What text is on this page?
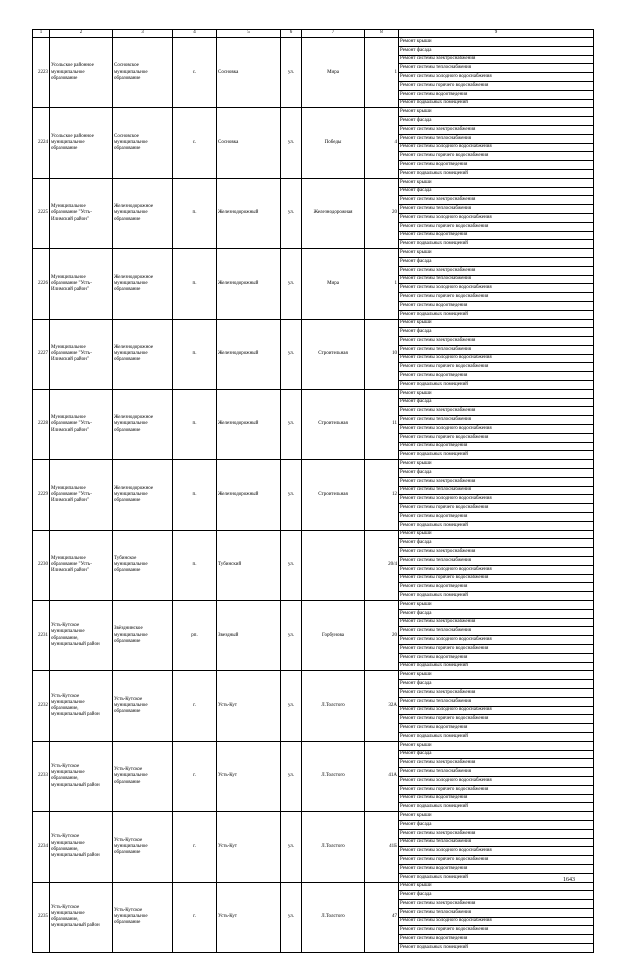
1	2	3	4	5	6	7	8	9
2223	Усольское районное муниципальное образование	Сосновское муниципальное образование	с.	Сосновка	ул.	Мира	1	Ремонт крыши
								Ремонт фасада
								Ремонт системы электроснабжения
								Ремонт системы теплоснабжения
								Ремонт системы холодного водоснабжения
								Ремонт системы горячего водоснабжения
								Ремонт системы водоотведения
								Ремонт подвальных помещений
2224	Усольское районное муниципальное образование	Сосновское муниципальное образование	с.	Сосновка	ул.	Победы	4	Ремонт крыши
								Ремонт фасада
								Ремонт системы электроснабжения
								Ремонт системы теплоснабжения
								Ремонт системы холодного водоснабжения
								Ремонт системы горячего водоснабжения
								Ремонт системы водоотведения
								Ремонт подвальных помещений
2225	Муниципальное образование "Усть-Илимский район"	Железнодорожное муниципальное образование	п.	Железнодорожный	ул.	Железнодорожная	20	Ремонт крыши
								Ремонт фасада
								Ремонт системы электроснабжения
								Ремонт системы теплоснабжения
								Ремонт системы холодного водоснабжения
								Ремонт системы горячего водоснабжения
								Ремонт системы водоотведения
								Ремонт подвальных помещений
2226	Муниципальное образование "Усть-Илимский район"	Железнодорожное муниципальное образование	п.	Железнодорожный	ул.	Мира	1	Ремонт крыши
								Ремонт фасада
								Ремонт системы электроснабжения
								Ремонт системы теплоснабжения
								Ремонт системы холодного водоснабжения
								Ремонт системы горячего водоснабжения
								Ремонт системы водоотведения
								Ремонт подвальных помещений
2227	Муниципальное образование "Усть-Илимский район"	Железнодорожное муниципальное образование	п.	Железнодорожный	ул.	Строительная	10	Ремонт крыши
								Ремонт фасада
								Ремонт системы электроснабжения
								Ремонт системы теплоснабжения
								Ремонт системы холодного водоснабжения
								Ремонт системы горячего водоснабжения
								Ремонт системы водоотведения
								Ремонт подвальных помещений
2228	Муниципальное образование "Усть-Илимский район"	Железнодорожное муниципальное образование	п.	Железнодорожный	ул.	Строительная	11	Ремонт крыши
								Ремонт фасада
								Ремонт системы электроснабжения
								Ремонт системы теплоснабжения
								Ремонт системы холодного водоснабжения
								Ремонт системы горячего водоснабжения
								Ремонт системы водоотведения
								Ремонт подвальных помещений
2229	Муниципальное образование "Усть-Илимский район"	Железнодорожное муниципальное образование	п.	Железнодорожный	ул.	Строительная	12	Ремонт крыши
								Ремонт фасада
								Ремонт системы электроснабжения
								Ремонт системы теплоснабжения
								Ремонт системы холодного водоснабжения
								Ремонт системы горячего водоснабжения
								Ремонт системы водоотведения
								Ремонт подвальных помещений
2230	Муниципальное образование "Усть-Илимский район"	Тубинское муниципальное образование	п.	Тубинский	ул.		20/4	Ремонт крыши
								Ремонт фасада
								Ремонт системы электроснабжения
								Ремонт системы теплоснабжения
								Ремонт системы холодного водоснабжения
								Ремонт системы горячего водоснабжения
								Ремонт системы водоотведения
								Ремонт подвальных помещений
2231	Усть-Кутское муниципальное образование, муниципальный район	Звёзднинское муниципальное образование	рп.	Звездный	ул.	Горбунова	20	Ремонт крыши
								Ремонт фасада
								Ремонт системы электроснабжения
								Ремонт системы теплоснабжения
								Ремонт системы холодного водоснабжения
								Ремонт системы горячего водоснабжения
								Ремонт системы водоотведения
								Ремонт подвальных помещений
2232	Усть-Кутское муниципальное образование, муниципальный район	Усть-Кутское муниципальное образование	г.	Усть-Кут	ул.	Л.Толстого	32А	Ремонт крыши
								Ремонт фасада
								Ремонт системы электроснабжения
								Ремонт системы теплоснабжения
								Ремонт системы холодного водоснабжения
								Ремонт системы горячего водоснабжения
								Ремонт системы водоотведения
								Ремонт подвальных помещений
2233	Усть-Кутское муниципальное образование, муниципальный район	Усть-Кутское муниципальное образование	г.	Усть-Кут	ул.	Л.Толстого	41А	Ремонт крыши
								Ремонт фасада
								Ремонт системы электроснабжения
								Ремонт системы теплоснабжения
								Ремонт системы холодного водоснабжения
								Ремонт системы горячего водоснабжения
								Ремонт системы водоотведения
								Ремонт подвальных помещений
2234	Усть-Кутское муниципальное образование, муниципальный район	Усть-Кутское муниципальное образование	г.	Усть-Кут	ул.	Л.Толстого	41Б	Ремонт крыши
								Ремонт фасада
								Ремонт системы электроснабжения
								Ремонт системы теплоснабжения
								Ремонт системы холодного водоснабжения
								Ремонт системы горячего водоснабжения
								Ремонт системы водоотведения
								Ремонт подвальных помещений
2235	Усть-Кутское муниципальное образование, муниципальный район	Усть-Кутское муниципальное образование	г.	Усть-Кут	ул.	Л.Толстого	47	Ремонт крыши
								Ремонт фасада
								Ремонт системы электроснабжения
								Ремонт системы теплоснабжения
								Ремонт системы холодного водоснабжения
								Ремонт системы горячего водоснабжения
								Ремонт системы водоотведения
								Ремонт подвальных помещений
1643
